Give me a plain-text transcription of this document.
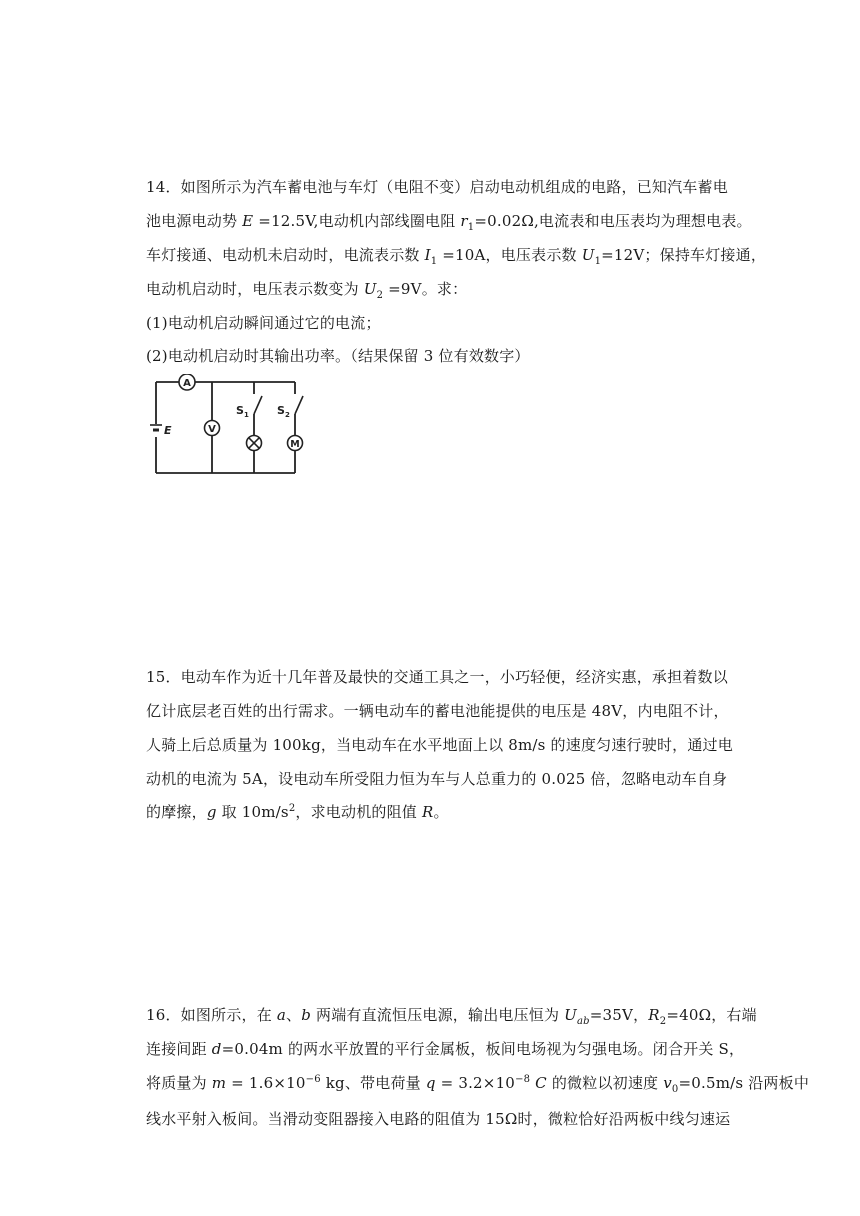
14．如图所示为汽车蓄电池与车灯（电阻不变）启动电动机组成的电路，已知汽车蓄电
池电源电动势 E =12.5V,电动机内部线圈电阻 $r_1=0.02\Omega$,电流表和电压表均为理想电表。
车灯接通、电动机未启动时，电流表示数 $I_1 =10A$，电压表示数 $U_1=12V$；保持车灯接通，
电动机启动时，电压表示数变为 $U_2 =9V$。求：
(1)电动机启动瞬间通过它的电流；
(2)电动机启动时其输出功率。（结果保留 3 位有效数字）
E
A
V
$S_1$	$S_2$
M
15．电动车作为近十几年普及最快的交通工具之一，小巧轻便，经济实惠，承担着数以
亿计底层老百姓的出行需求。一辆电动车的蓄电池能提供的电压是 48V，内电阻不计，
人骑上后总质量为 100kg，当电动车在水平地面上以 8m/s 的速度匀速行驶时，通过电
动机的电流为 5A，设电动车所受阻力恒为车与人总重力的 0.025 倍，忽略电动车自身
的摩擦，g 取 $10m/s^2$，求电动机的阻值 R。
16．如图所示，在 a、b 两端有直流恒压电源，输出电压恒为 $U_{ab}=35V$，$R_2=40\Omega$，右端
连接间距 d=0.04m 的两水平放置的平行金属板，板间电场视为匀强电场。闭合开关 S，
将质量为 $m = 1.6\times 10^{-6}$ kg、带电荷量 $q = 3.2\times 10^{-8}$ C 的微粒以初速度 $v_0=0.5m/s$ 沿两板中
线水平射入板间。当滑动变阻器接入电路的阻值为 15Ω时，微粒恰好沿两板中线匀速运
